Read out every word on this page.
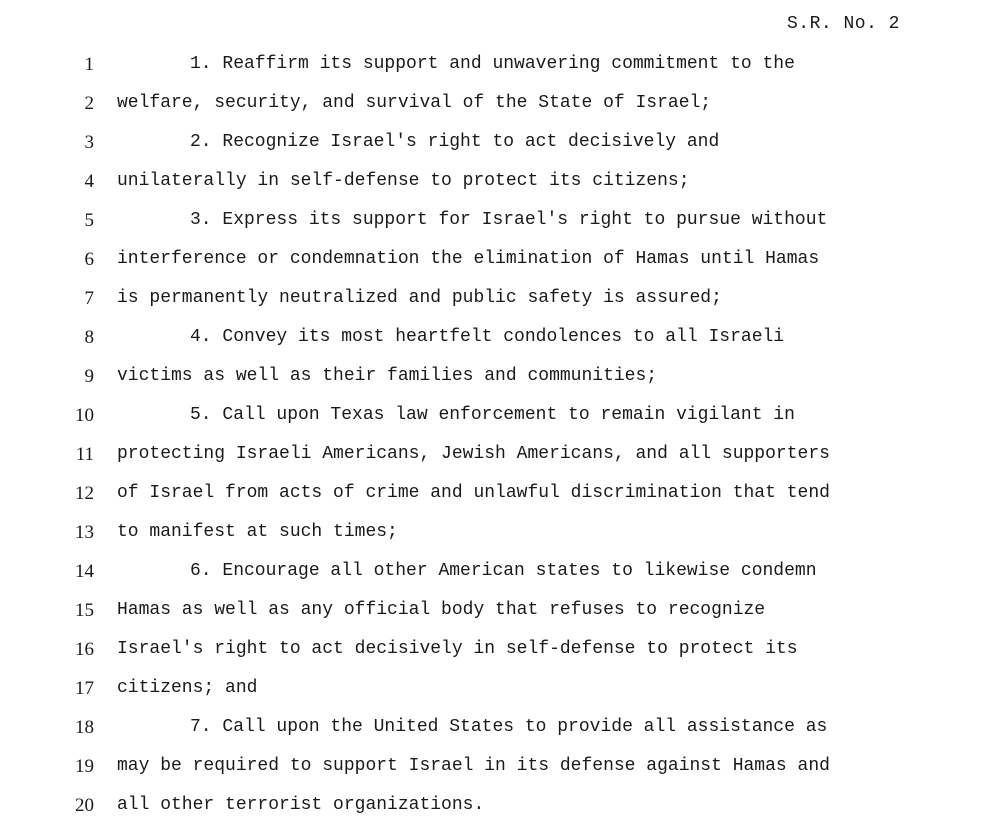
S.R. No. 2
1	1. Reaffirm its support and unwavering commitment to the
2 welfare, security, and survival of the State of Israel;
3	2. Recognize Israel's right to act decisively and
4 unilaterally in self-defense to protect its citizens;
5	3. Express its support for Israel's right to pursue without
6 interference or condemnation the elimination of Hamas until Hamas
7 is permanently neutralized and public safety is assured;
8	4. Convey its most heartfelt condolences to all Israeli
9 victims as well as their families and communities;
10	5. Call upon Texas law enforcement to remain vigilant in
11 protecting Israeli Americans, Jewish Americans, and all supporters
12 of Israel from acts of crime and unlawful discrimination that tend
13 to manifest at such times;
14	6. Encourage all other American states to likewise condemn
15 Hamas as well as any official body that refuses to recognize
16 Israel's right to act decisively in self-defense to protect its
17 citizens; and
18	7. Call upon the United States to provide all assistance as
19 may be required to support Israel in its defense against Hamas and
20 all other terrorist organizations.
